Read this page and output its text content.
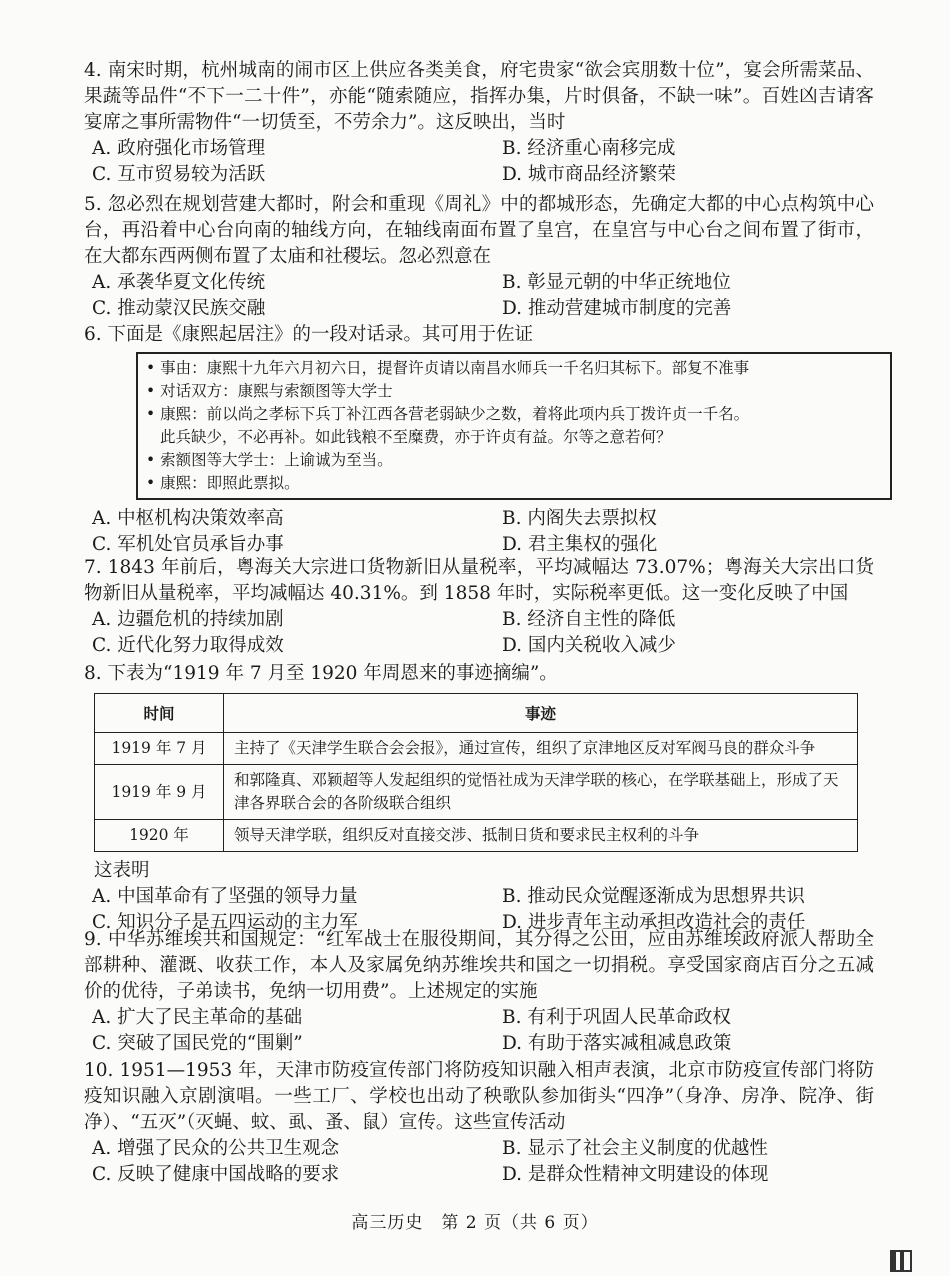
4. 南宋时期，杭州城南的闹市区上供应各类美食，府宅贵家“欲会宾朋数十位”，宴会所需菜品、果蔬等品件“不下一二十件”，亦能“随索随应，指挥办集，片时俱备，不缺一味”。百姓凶吉请客宴席之事所需物件“一切赁至，不劳余力”。这反映出，当时

A. 政府强化市场管理	B. 经济重心南移完成
C. 互市贸易较为活跃	D. 城市商品经济繁荣

5. 忽必烈在规划营建大都时，附会和重现《周礼》中的都城形态，先确定大都的中心点构筑中心台，再沿着中心台向南的轴线方向，在轴线南面布置了皇宫，在皇宫与中心台之间布置了街市，在大都东西两侧布置了太庙和社稷坛。忽必烈意在

A. 承袭华夏文化传统	B. 彰显元朝的中华正统地位
C. 推动蒙汉民族交融	D. 推动营建城市制度的完善

6. 下面是《康熙起居注》的一段对话录。其可用于佐证

• 事由：康熙十九年六月初六日，提督许贞请以南昌水师兵一千名归其标下。部复不准事
• 对话双方：康熙与索额图等大学士
• 康熙：前以尚之孝标下兵丁补江西各营老弱缺少之数，着将此项内兵丁拨许贞一千名。
此兵缺少，不必再补。如此钱粮不至糜费，亦于许贞有益。尔等之意若何？
• 索额图等大学士：上谕诚为至当。
• 康熙：即照此票拟。
A. 中枢机构决策效率高	B. 内阁失去票拟权
C. 军机处官员承旨办事	D. 君主集权的强化

7. 1843 年前后，粤海关大宗进口货物新旧从量税率，平均减幅达 73.07%；粤海关大宗出口货物新旧从量税率，平均减幅达 40.31%。到 1858 年时，实际税率更低。这一变化反映了中国

A. 边疆危机的持续加剧	B. 经济自主性的降低
C. 近代化努力取得成效	D. 国内关税收入减少

8. 下表为“1919 年 7 月至 1920 年周恩来的事迹摘编”。

时间	事迹
1919 年 7 月	主持了《天津学生联合会会报》，通过宣传，组织了京津地区反对军阀马良的群众斗争
1919 年 9 月	和郭隆真、邓颖超等人发起组织的觉悟社成为天津学联的核心，在学联基础上，形成了天津各界联合会的各阶级联合组织
1920 年	领导天津学联，组织反对直接交涉、抵制日货和要求民主权利的斗争

这表明

A. 中国革命有了坚强的领导力量	B. 推动民众觉醒逐渐成为思想界共识
C. 知识分子是五四运动的主力军	D. 进步青年主动承担改造社会的责任

9. 中华苏维埃共和国规定：“红军战士在服役期间，其分得之公田，应由苏维埃政府派人帮助全部耕种、灌溉、收获工作，本人及家属免纳苏维埃共和国之一切捐税。享受国家商店百分之五减价的优待，子弟读书，免纳一切用费”。上述规定的实施

A. 扩大了民主革命的基础	B. 有利于巩固人民革命政权
C. 突破了国民党的“围剿”	D. 有助于落实减租减息政策

10. 1951—1953 年，天津市防疫宣传部门将防疫知识融入相声表演，北京市防疫宣传部门将防疫知识融入京剧演唱。一些工厂、学校也出动了秧歌队参加街头“四净”（身净、房净、院净、街净）、“五灭”（灭蝇、蚊、虱、蚤、鼠）宣传。这些宣传活动

A. 增强了民众的公共卫生观念	B. 显示了社会主义制度的优越性
C. 反映了健康中国战略的要求	D. 是群众性精神文明建设的体现
高三历史　第 2 页（共 6 页）
